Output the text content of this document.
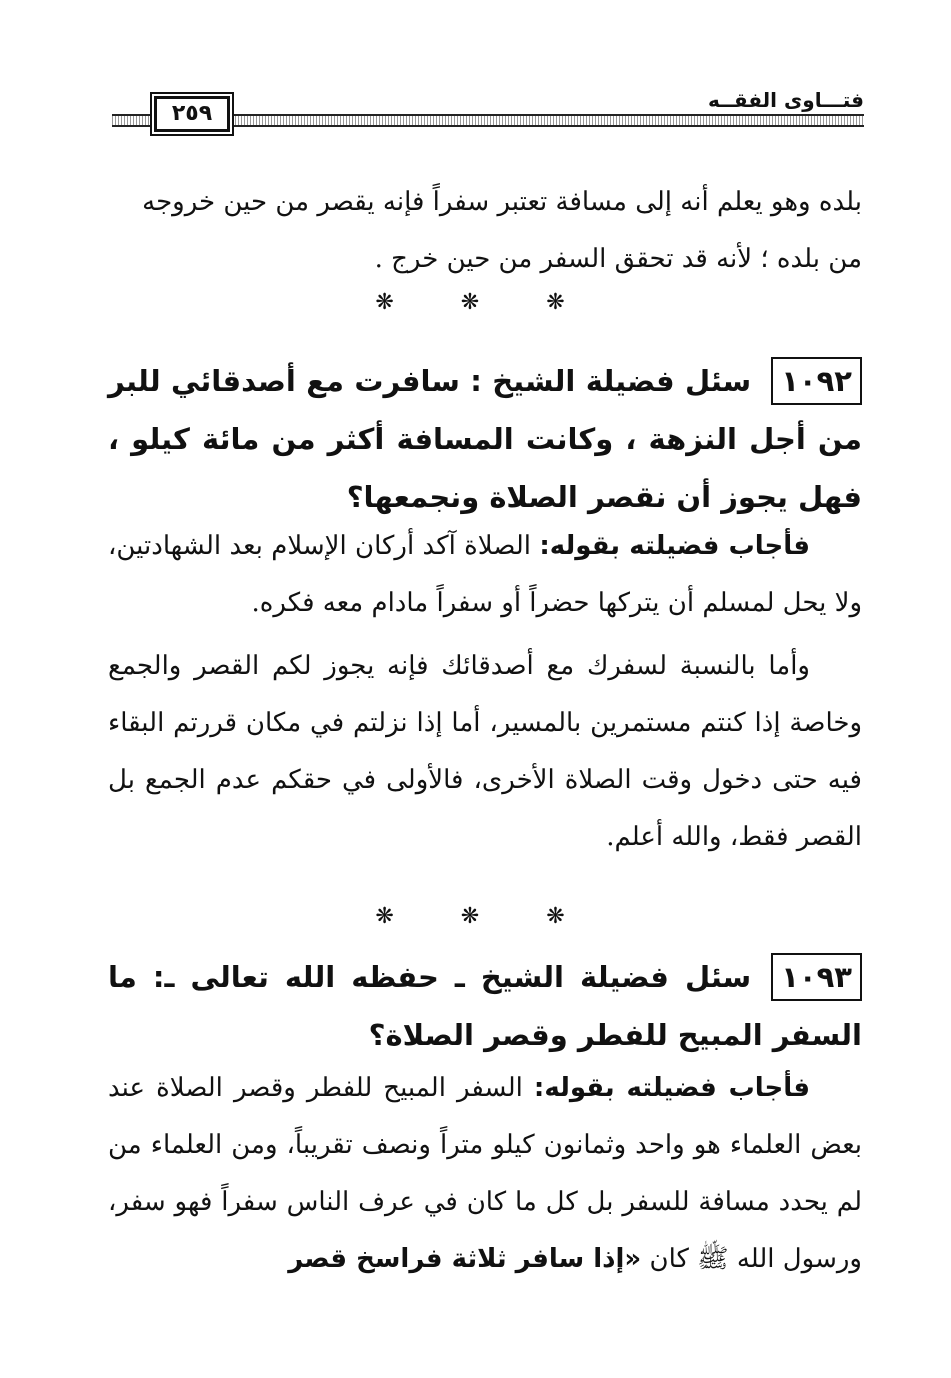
فتـــاوى الفقــه
٢٥٩

بلده وهو يعلم أنه إلى مسافة تعتبر سفراً فإنه يقصر من حين خروجه

من بلده ؛ لأنه قد تحقق السفر من حين خرج .

❋ ❋ ❋

١٠٩٢سئل فضيلة الشيخ : سافرت مع أصدقائي للبر من أجل النزهة ، وكانت المسافة أكثر من مائة كيلو ، فهل يجوز أن نقصر الصلاة ونجمعها؟

فأجاب فضيلته بقوله: الصلاة آكد أركان الإسلام بعد الشهادتين، ولا يحل لمسلم أن يتركها حضراً أو سفراً مادام معه فكره.

وأما بالنسبة لسفرك مع أصدقائك فإنه يجوز لكم القصر والجمع وخاصة إذا كنتم مستمرين بالمسير، أما إذا نزلتم في مكان قررتم البقاء فيه حتى دخول وقت الصلاة الأخرى، فالأولى في حقكم عدم الجمع بل القصر فقط، والله أعلم.

❋ ❋ ❋

١٠٩٣سئل فضيلة الشيخ ـ حفظه الله تعالى ـ: ما السفر المبيح للفطر وقصر الصلاة؟

فأجاب فضيلته بقوله: السفر المبيح للفطر وقصر الصلاة عند بعض العلماء هو واحد وثمانون كيلو متراً ونصف تقريباً، ومن العلماء من لم يحدد مسافة للسفر بل كل ما كان في عرف الناس سفراً فهو سفر، ورسول الله ﷺ كان «إذا سافر ثلاثة فراسخ قصر
